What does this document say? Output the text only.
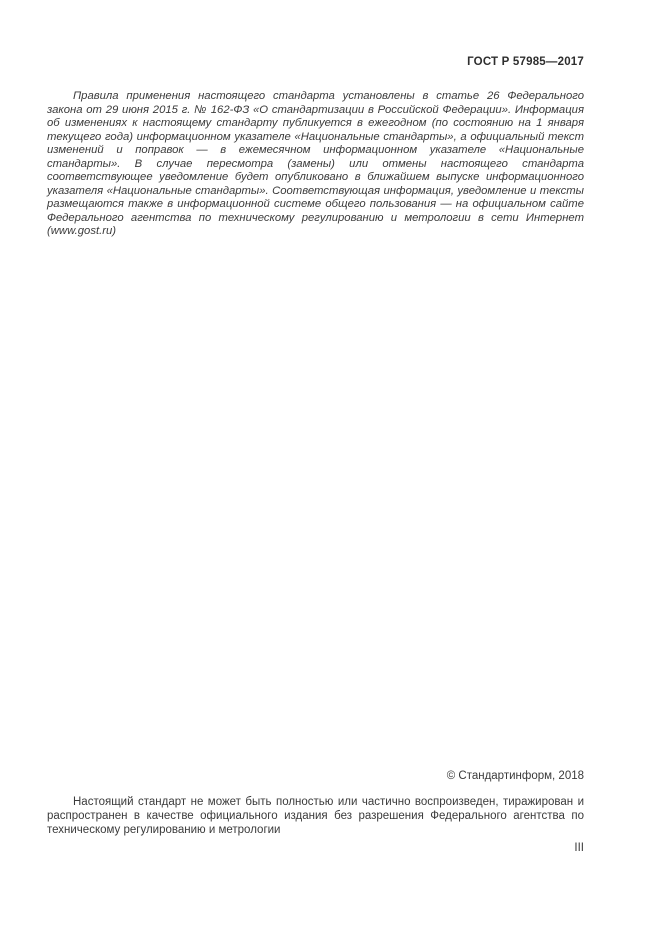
ГОСТ Р 57985—2017

Правила применения настоящего стандарта установлены в статье 26 Федерального закона от 29 июня 2015 г. № 162-ФЗ «О стандартизации в Российской Федерации». Информация об изменениях к настоящему стандарту публикуется в ежегодном (по состоянию на 1 января текущего года) информационном указателе «Национальные стандарты», а официальный текст изменений и поправок — в ежемесячном информационном указателе «Национальные стандарты». В случае пересмотра (замены) или отмены настоящего стандарта соответствующее уведомление будет опубликовано в ближайшем выпуске информационного указателя «Национальные стандарты». Соответствующая информация, уведомление и тексты размещаются также в информационной системе общего пользования — на официальном сайте Федерального агентства по техническому регулированию и метрологии в сети Интернет (www.gost.ru)

© Стандартинформ, 2018

Настоящий стандарт не может быть полностью или частично воспроизведен, тиражирован и распространен в качестве официального издания без разрешения Федерального агентства по техническому регулированию и метрологии

III
